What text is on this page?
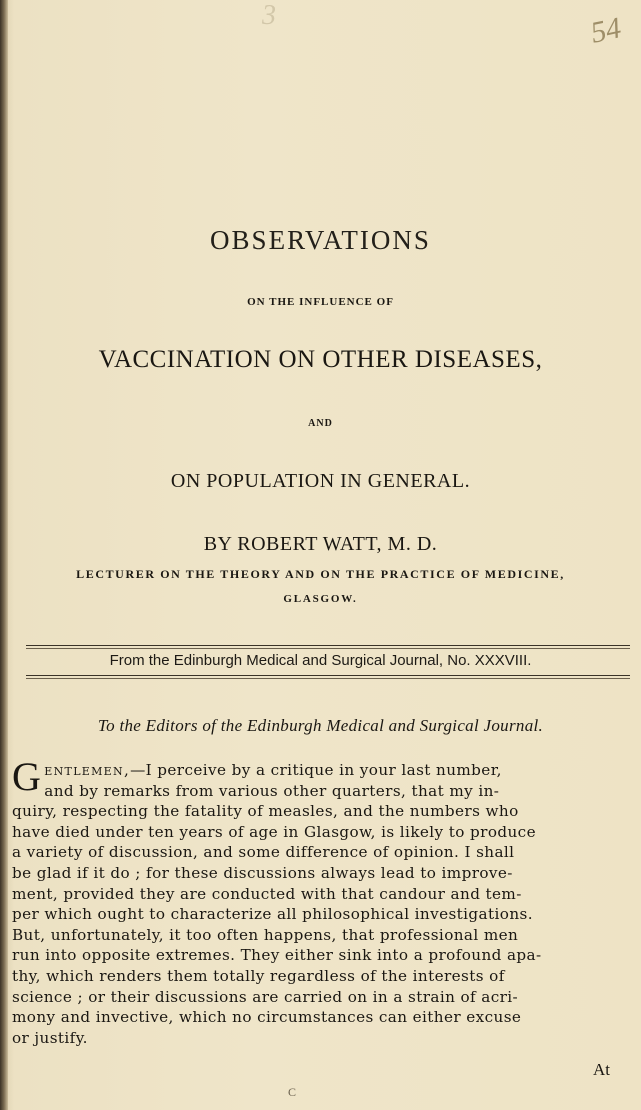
3	54
OBSERVATIONS
ON THE INFLUENCE OF
VACCINATION ON OTHER DISEASES,
AND
ON POPULATION IN GENERAL.
BY ROBERT WATT, M. D.
LECTURER ON THE THEORY AND ON THE PRACTICE OF MEDICINE,
GLASGOW.
From the Edinburgh Medical and Surgical Journal, No. XXXVIII.
To the Editors of the Edinburgh Medical and Surgical Journal.
G entlemen,—I perceive by a critique in your last number,
and by remarks from various other quarters, that my in-
quiry, respecting the fatality of measles, and the numbers who
have died under ten years of age in Glasgow, is likely to produce
a variety of discussion, and some difference of opinion. I shall
be glad if it do ; for these discussions always lead to improve-
ment, provided they are conducted with that candour and tem-
per which ought to characterize all philosophical investigations.
But, unfortunately, it too often happens, that professional men
run into opposite extremes. They either sink into a profound apa-
thy, which renders them totally regardless of the interests of
science ; or their discussions are carried on in a strain of acri-
mony and invective, which no circumstances can either excuse
or justify.
At
C
